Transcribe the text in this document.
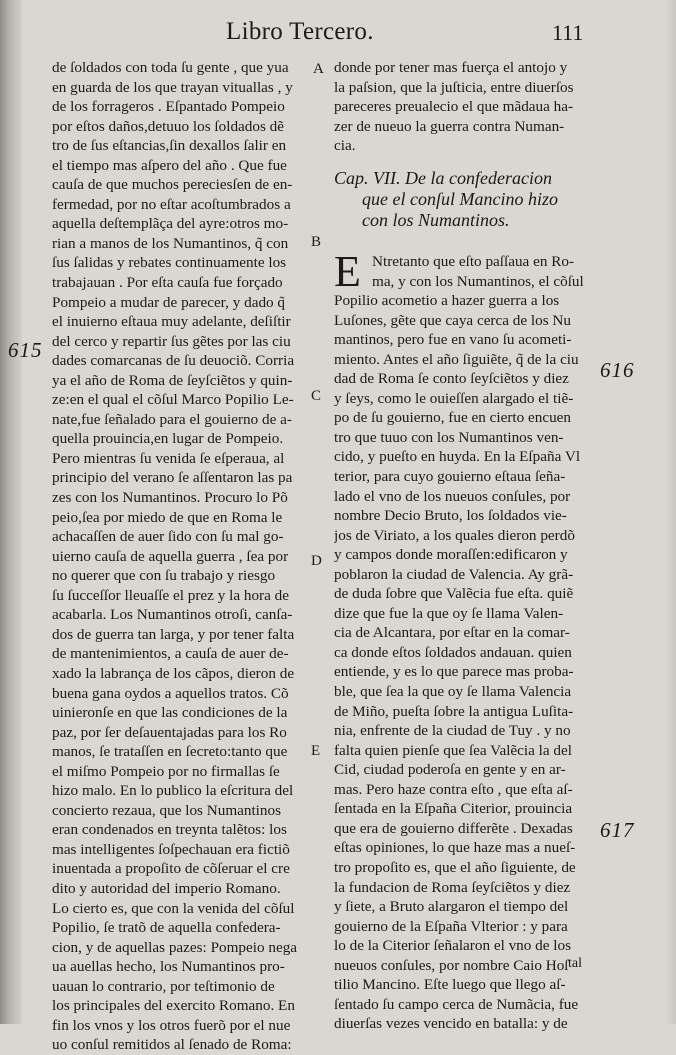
Libro Tercero.	111
de ſoldados con toda ſu gente , que yua
en guarda de los que trayan vituallas , y
de los forrageros . Eſpantado Pompeio
por eſtos daños,detuuo los ſoldados dẽ
tro de ſus eſtancias,ſin dexallos ſalir en
el tiempo mas aſpero del año . Que fue
cauſa de que muchos pereciesſen de en-
fermedad, por no eſtar acoſtumbrados a
aquella deſtemplãça del ayre:otros mo-
rian a manos de los Numantinos, q̃ con
ſus ſalidas y rebates continuamente los
trabajauan . Por eſta cauſa fue forçado
Pompeio a mudar de parecer, y dado q̃
el inuierno eſtaua muy adelante, deſiſtir
del cerco y repartir ſus gẽtes por las ciu
dades comarcanas de ſu deuociõ. Corria
ya el año de Roma de ſeyſciẽtos y quin-
ze:en el qual el cõſul Marco Popilio Le-
nate,fue ſeñalado para el gouierno de a-
quella prouincia,en lugar de Pompeio.
Pero mientras ſu venida ſe eſperaua, al
principio del verano ſe aſſentaron las pa
zes con los Numantinos. Procuro lo Põ
peio,ſea por miedo de que en Roma le
achacaſſen de auer ſido con ſu mal go-
uierno cauſa de aquella guerra , ſea por
no querer que con ſu trabajo y riesgo
ſu ſucceſſor lleuaſſe el prez y la hora de
acabarla. Los Numantinos otroſi, canſa-
dos de guerra tan larga, y por tener falta
de mantenimientos, a cauſa de auer de-
xado la labrança de los cãpos, dieron de
buena gana oydos a aquellos tratos. Cõ
uinieronſe en que las condiciones de la
paz, por ſer deſauentajadas para los Ro
manos, ſe trataſſen en ſecreto:tanto que
el miſmo Pompeio por no firmallas ſe
hizo malo. En lo publico la eſcritura del
concierto rezaua, que los Numantinos
eran condenados en treynta talẽtos: los
mas intelligentes ſoſpechauan era fictiõ
inuentada a propoſito de cõſeruar el cre
dito y autoridad del imperio Romano.
Lo cierto es, que con la venida del cõſul
Popilio, ſe tratõ de aquella confedera-
cion, y de aquellas pazes: Pompeio nega
ua auellas hecho, los Numantinos pro-
uauan lo contrario, por teſtimonio de
los principales del exercito Romano. En
fin los vnos y los otros fuerõ por el nue
uo conſul remitidos al ſenado de Roma:
donde por tener mas fuerça el antojo y
la paſsion, que la juſticia, entre diuerſos
pareceres preualecio el que mãdaua ha-
zer de nueuo la guerra contra Numan-
cia.
Cap. VII. De la confederacion
que el conſul Mancino hizo
con los Numantinos.
E Ntretanto que eſto paſſaua en Ro-
ma, y con los Numantinos, el cõſul
Popilio acometio a hazer guerra a los
Luſones, gẽte que caya cerca de los Nu
mantinos, pero fue en vano ſu acometi-
miento. Antes el año ſiguiẽte, q̃ de la ciu
dad de Roma ſe conto ſeyſciẽtos y diez
y ſeys, como le ouieſſen alargado el tiẽ-
po de ſu gouierno, fue en cierto encuen
tro que tuuo con los Numantinos ven-
cido, y pueſto en huyda. En la Eſpaña Vl
terior, para cuyo gouierno eſtaua ſeña-
lado el vno de los nueuos conſules, por
nombre Decio Bruto, los ſoldados vie-
jos de Viriato, a los quales dieron perdõ
y campos donde moraſſen:edificaron y
poblaron la ciudad de Valencia. Ay grã-
de duda ſobre que Valẽcia fue eſta. quiẽ
dize que fue la que oy ſe llama Valen-
cia de Alcantara, por eſtar en la comar-
ca donde eſtos ſoldados andauan. quien
entiende, y es lo que parece mas proba-
ble, que ſea la que oy ſe llama Valencia
de Miño, pueſta ſobre la antigua Luſita-
nia, enfrente de la ciudad de Tuy . y no
falta quien pienſe que ſea Valẽcia la del
Cid, ciudad poderoſa en gente y en ar-
mas. Pero haze contra eſto , que eſta aſ-
ſentada en la Eſpaña Citerior, prouincia
que era de gouierno differẽte . Dexadas
eſtas opiniones, lo que haze mas a nueſ-
tro propoſito es, que el año ſiguiente, de
la fundacion de Roma ſeyſciẽtos y diez
y ſiete, a Bruto alargaron el tiempo del
gouierno de la Eſpaña Vlterior : y para
lo de la Citerior ſeñalaron el vno de los
nueuos conſules, por nombre Caio Hoſ
tilio Mancino. Eſte luego que llego aſ-
ſentado ſu campo cerca de Numãcia, fue
diuerſas vezes vencido en batalla: y de
A
B
C
D
E
615
616
617
tal
